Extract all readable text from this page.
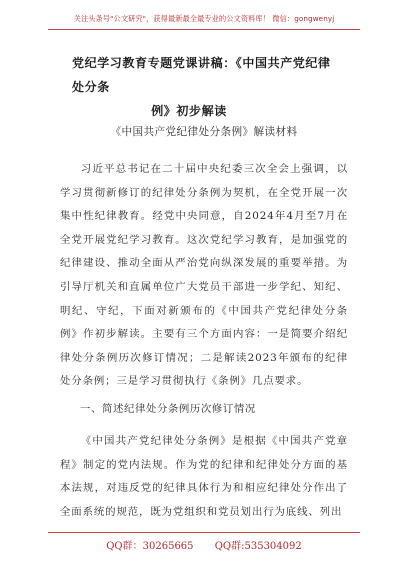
关注头条号"公文研究"，获得最新最全最专业的公文资料库！ 微信：gongwenyj
党纪学习教育专题党课讲稿：《中国共产党纪律处分条
例》初步解读
《中国共产党纪律处分条例》解读材料

习近平总书记在二十届中央纪委三次全会上强调，以学习贯彻新修订的纪律处分条例为契机，在全党开展一次集中性纪律教育。经党中央同意，自2024年4月至7月在全党开展党纪学习教育。这次党纪学习教育，是加强党的纪律建设、推动全面从严治党向纵深发展的重要举措。为引导厅机关和直属单位广大党员干部进一步学纪、知纪、明纪、守纪，下面对新颁布的《中国共产党纪律处分条例》作初步解读。主要有三个方面内容：一是简要介绍纪律处分条例历次修订情况；二是解读2023年颁布的纪律处分条例；三是学习贯彻执行《条例》几点要求。

一、简述纪律处分条例历次修订情况

《中国共产党纪律处分条例》是根据《中国共产党章程》制定的党内法规。作为党的纪律和纪律处分方面的基本法规，对违反党的纪律具体行为和相应纪律处分作出了全面系统的规范，既为党组织和党员划出行为底线、列出

QQ群：30265665 QQ群:535304092
